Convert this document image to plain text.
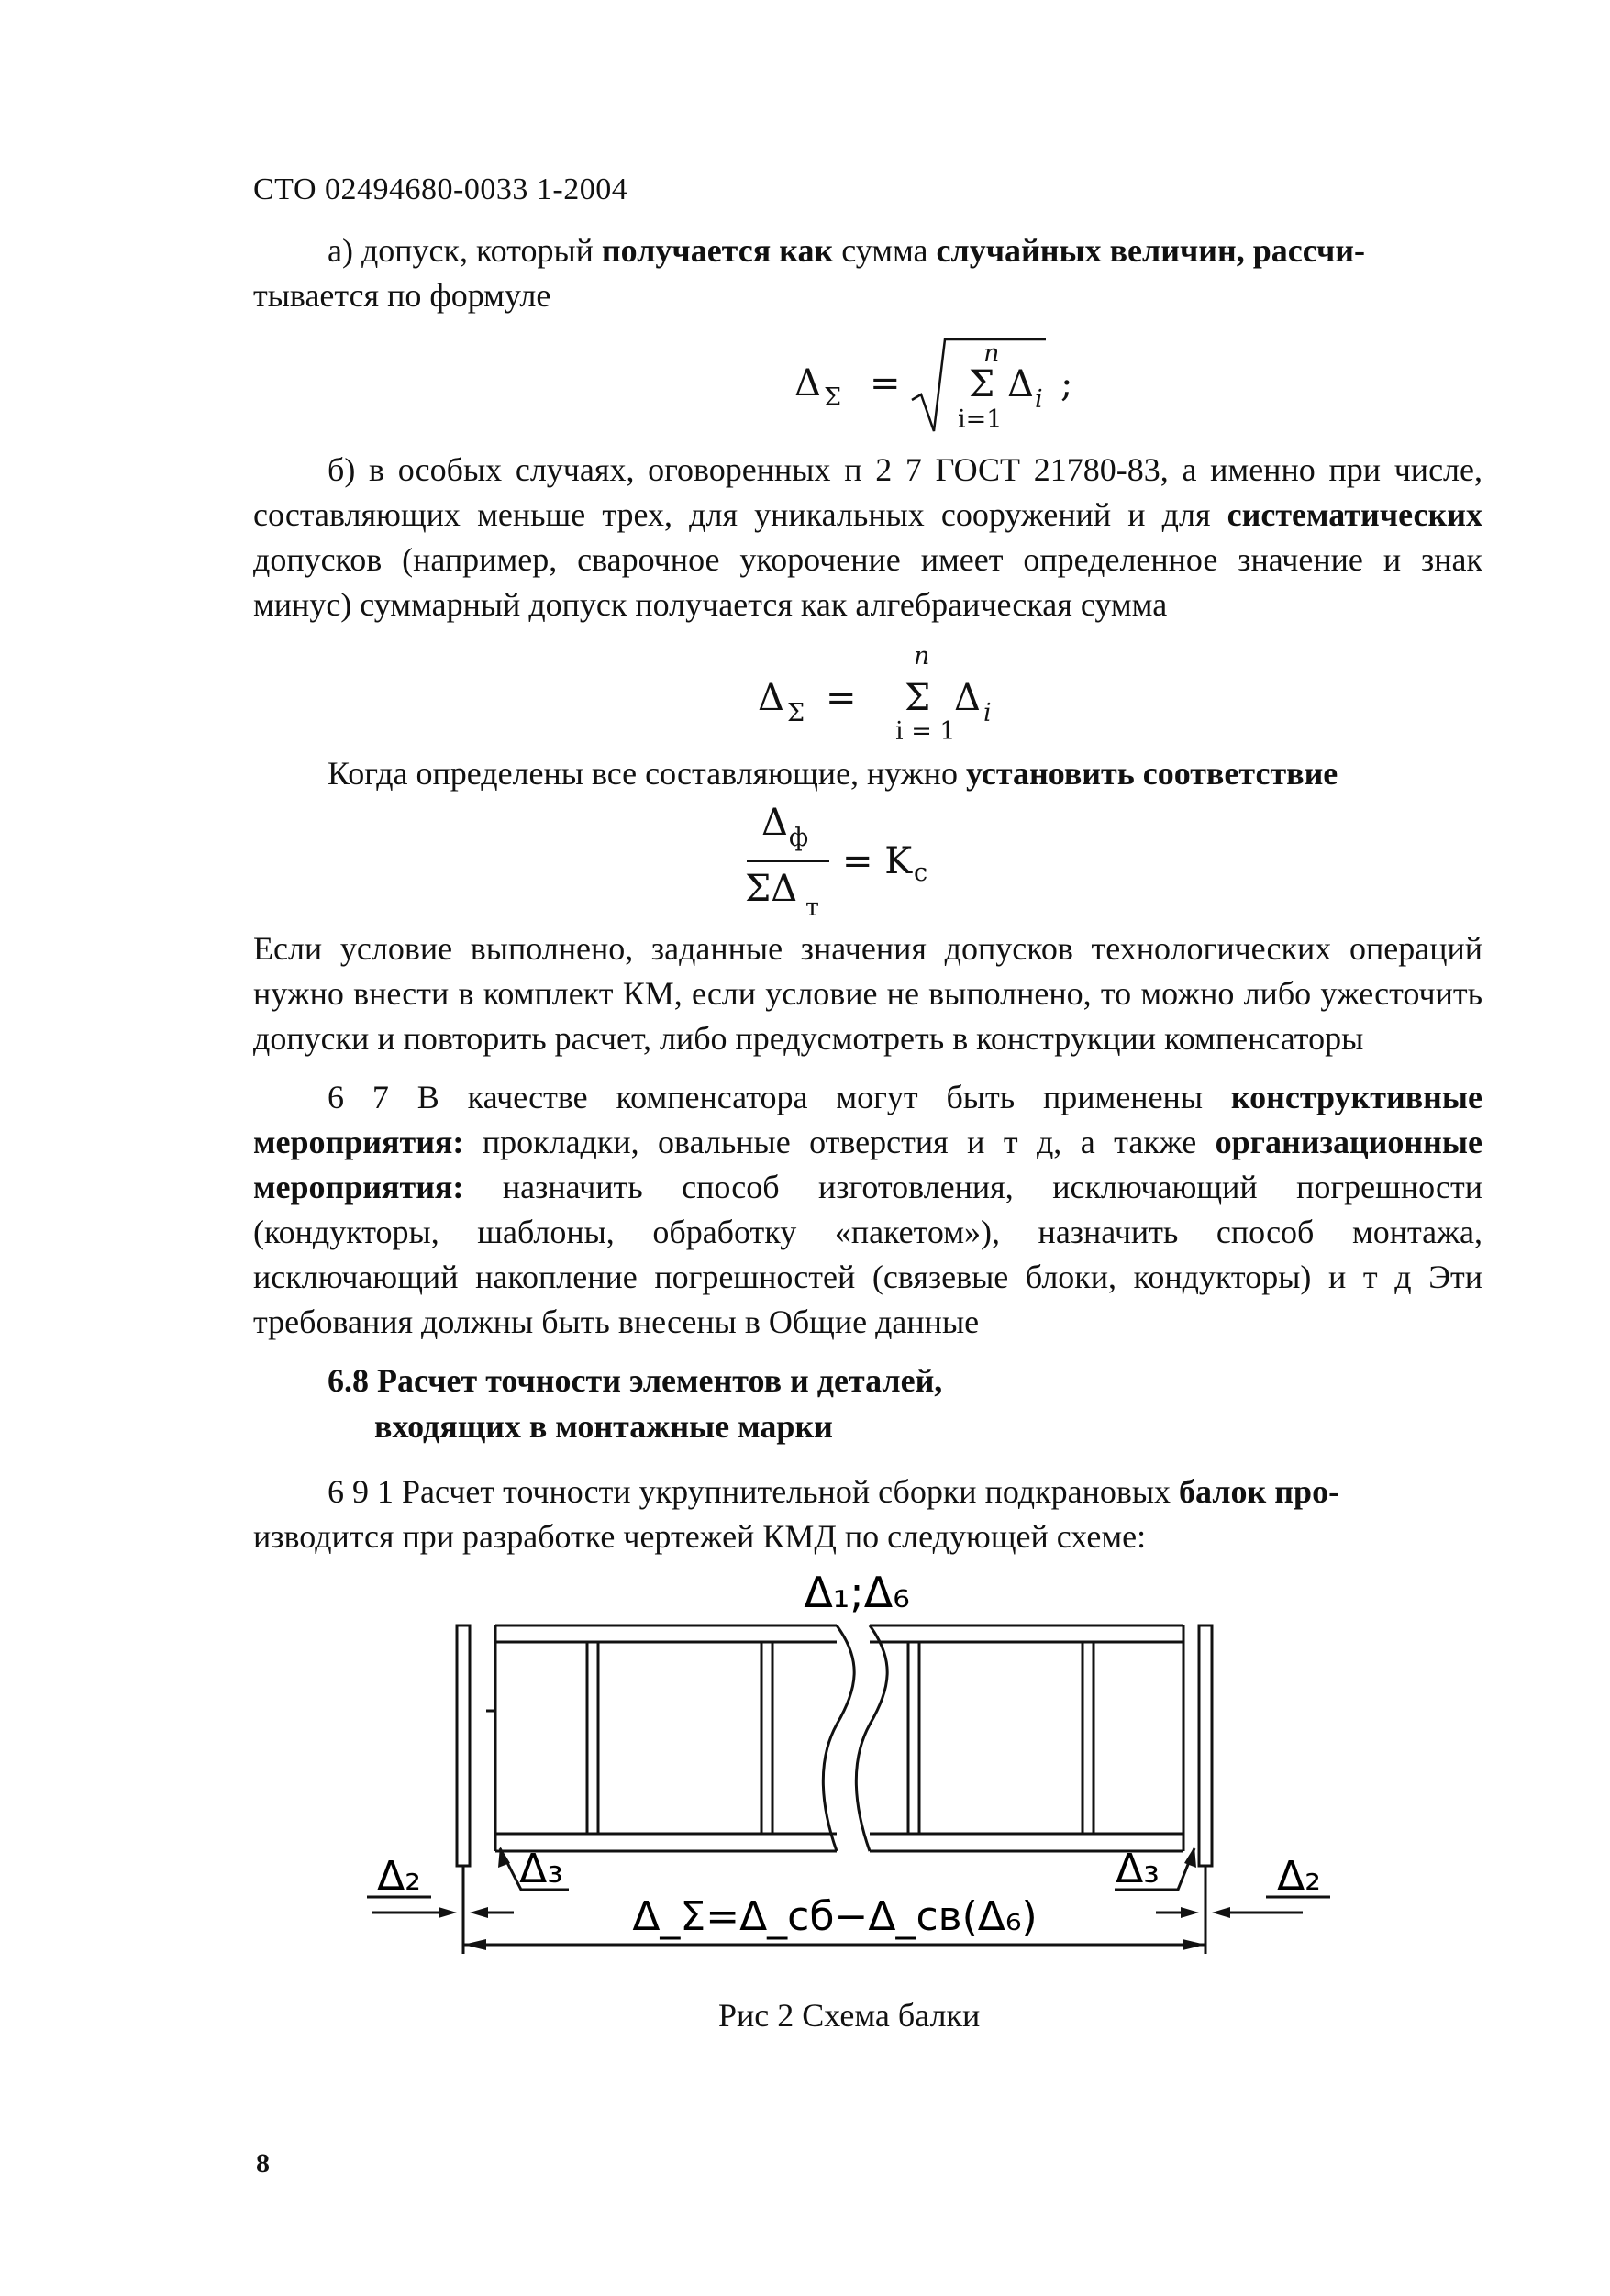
СТО 02494680-0033 1-2004
а) допуск, который получается как сумма случайных величин, рассчи-
тывается по формуле
Δ Σ =
n
Σ
i=1
Δ i ;
б) в особых случаях, оговоренных п 2 7 ГОСТ 21780-83, а именно при числе, составляющих меньше трех, для уникальных сооружений и для систематических допусков (например, сварочное укорочение имеет определенное значение и знак минус) суммарный допуск получается как алгебраическая сумма
n
Δ Σ = Σ
i = 1
Δ i
Когда определены все составляющие, нужно установить соответствие
Δ ф
ΣΔ т
= K c
Если условие выполнено, заданные значения допусков технологических операций нужно внести в комплект КМ, если условие не выполнено, то можно либо ужесточить допуски и повторить расчет, либо предусмотреть в конструкции компенсаторы
6 7 В качестве компенсатора могут быть применены конструктивные мероприятия: прокладки, овальные отверстия и т д, а также организационные мероприятия: назначить способ изготовления, исключающий погрешности (кондукторы, шаблоны, обработку «пакетом»), назначить способ монтажа, исключающий накопление погрешностей (связевые блоки, кондукторы) и т д Эти требования должны быть внесены в Общие данные
6.8 Расчет точности элементов и деталей,
входящих в монтажные марки
6 9 1 Расчет точности укрупнительной сборки подкрановых балок про-
изводится при разработке чертежей КМД по следующей схеме:
Δ₁;Δ₆
Δ₂ Δ₃	Δ₃	Δ₂
Δ_Σ=Δ_сб−Δ_св(Δ₆)
Рис 2 Схема балки
8
